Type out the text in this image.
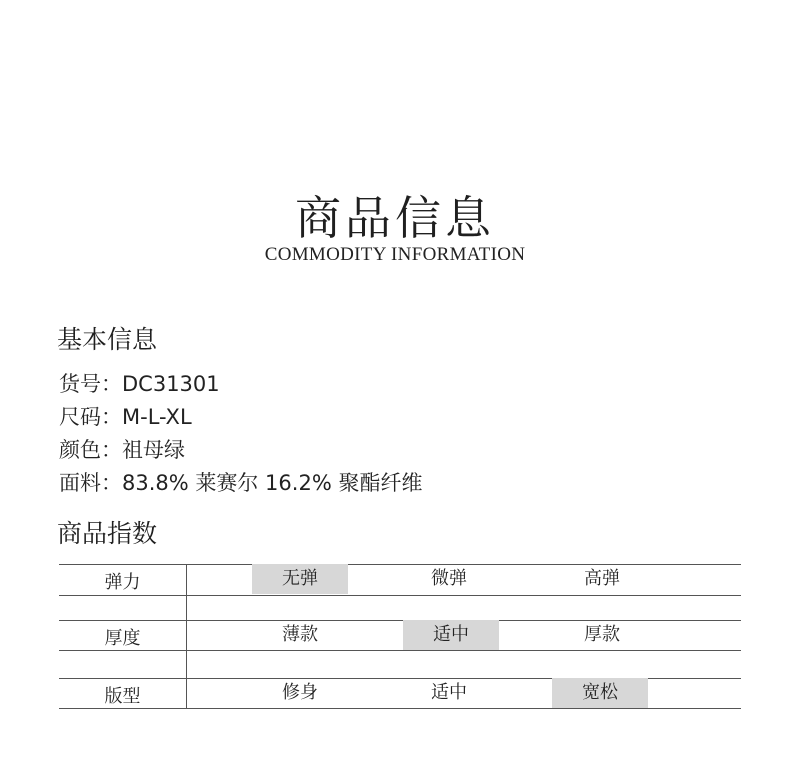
商品信息
COMMODITY INFORMATION
基本信息
货号：DC31301
尺码：M-L-XL
颜色：祖母绿
面料：83.8% 莱赛尔 16.2% 聚酯纤维
商品指数
弹力	无弹	微弹	高弹
厚度	薄款	适中	厚款
版型	修身	适中	宽松
